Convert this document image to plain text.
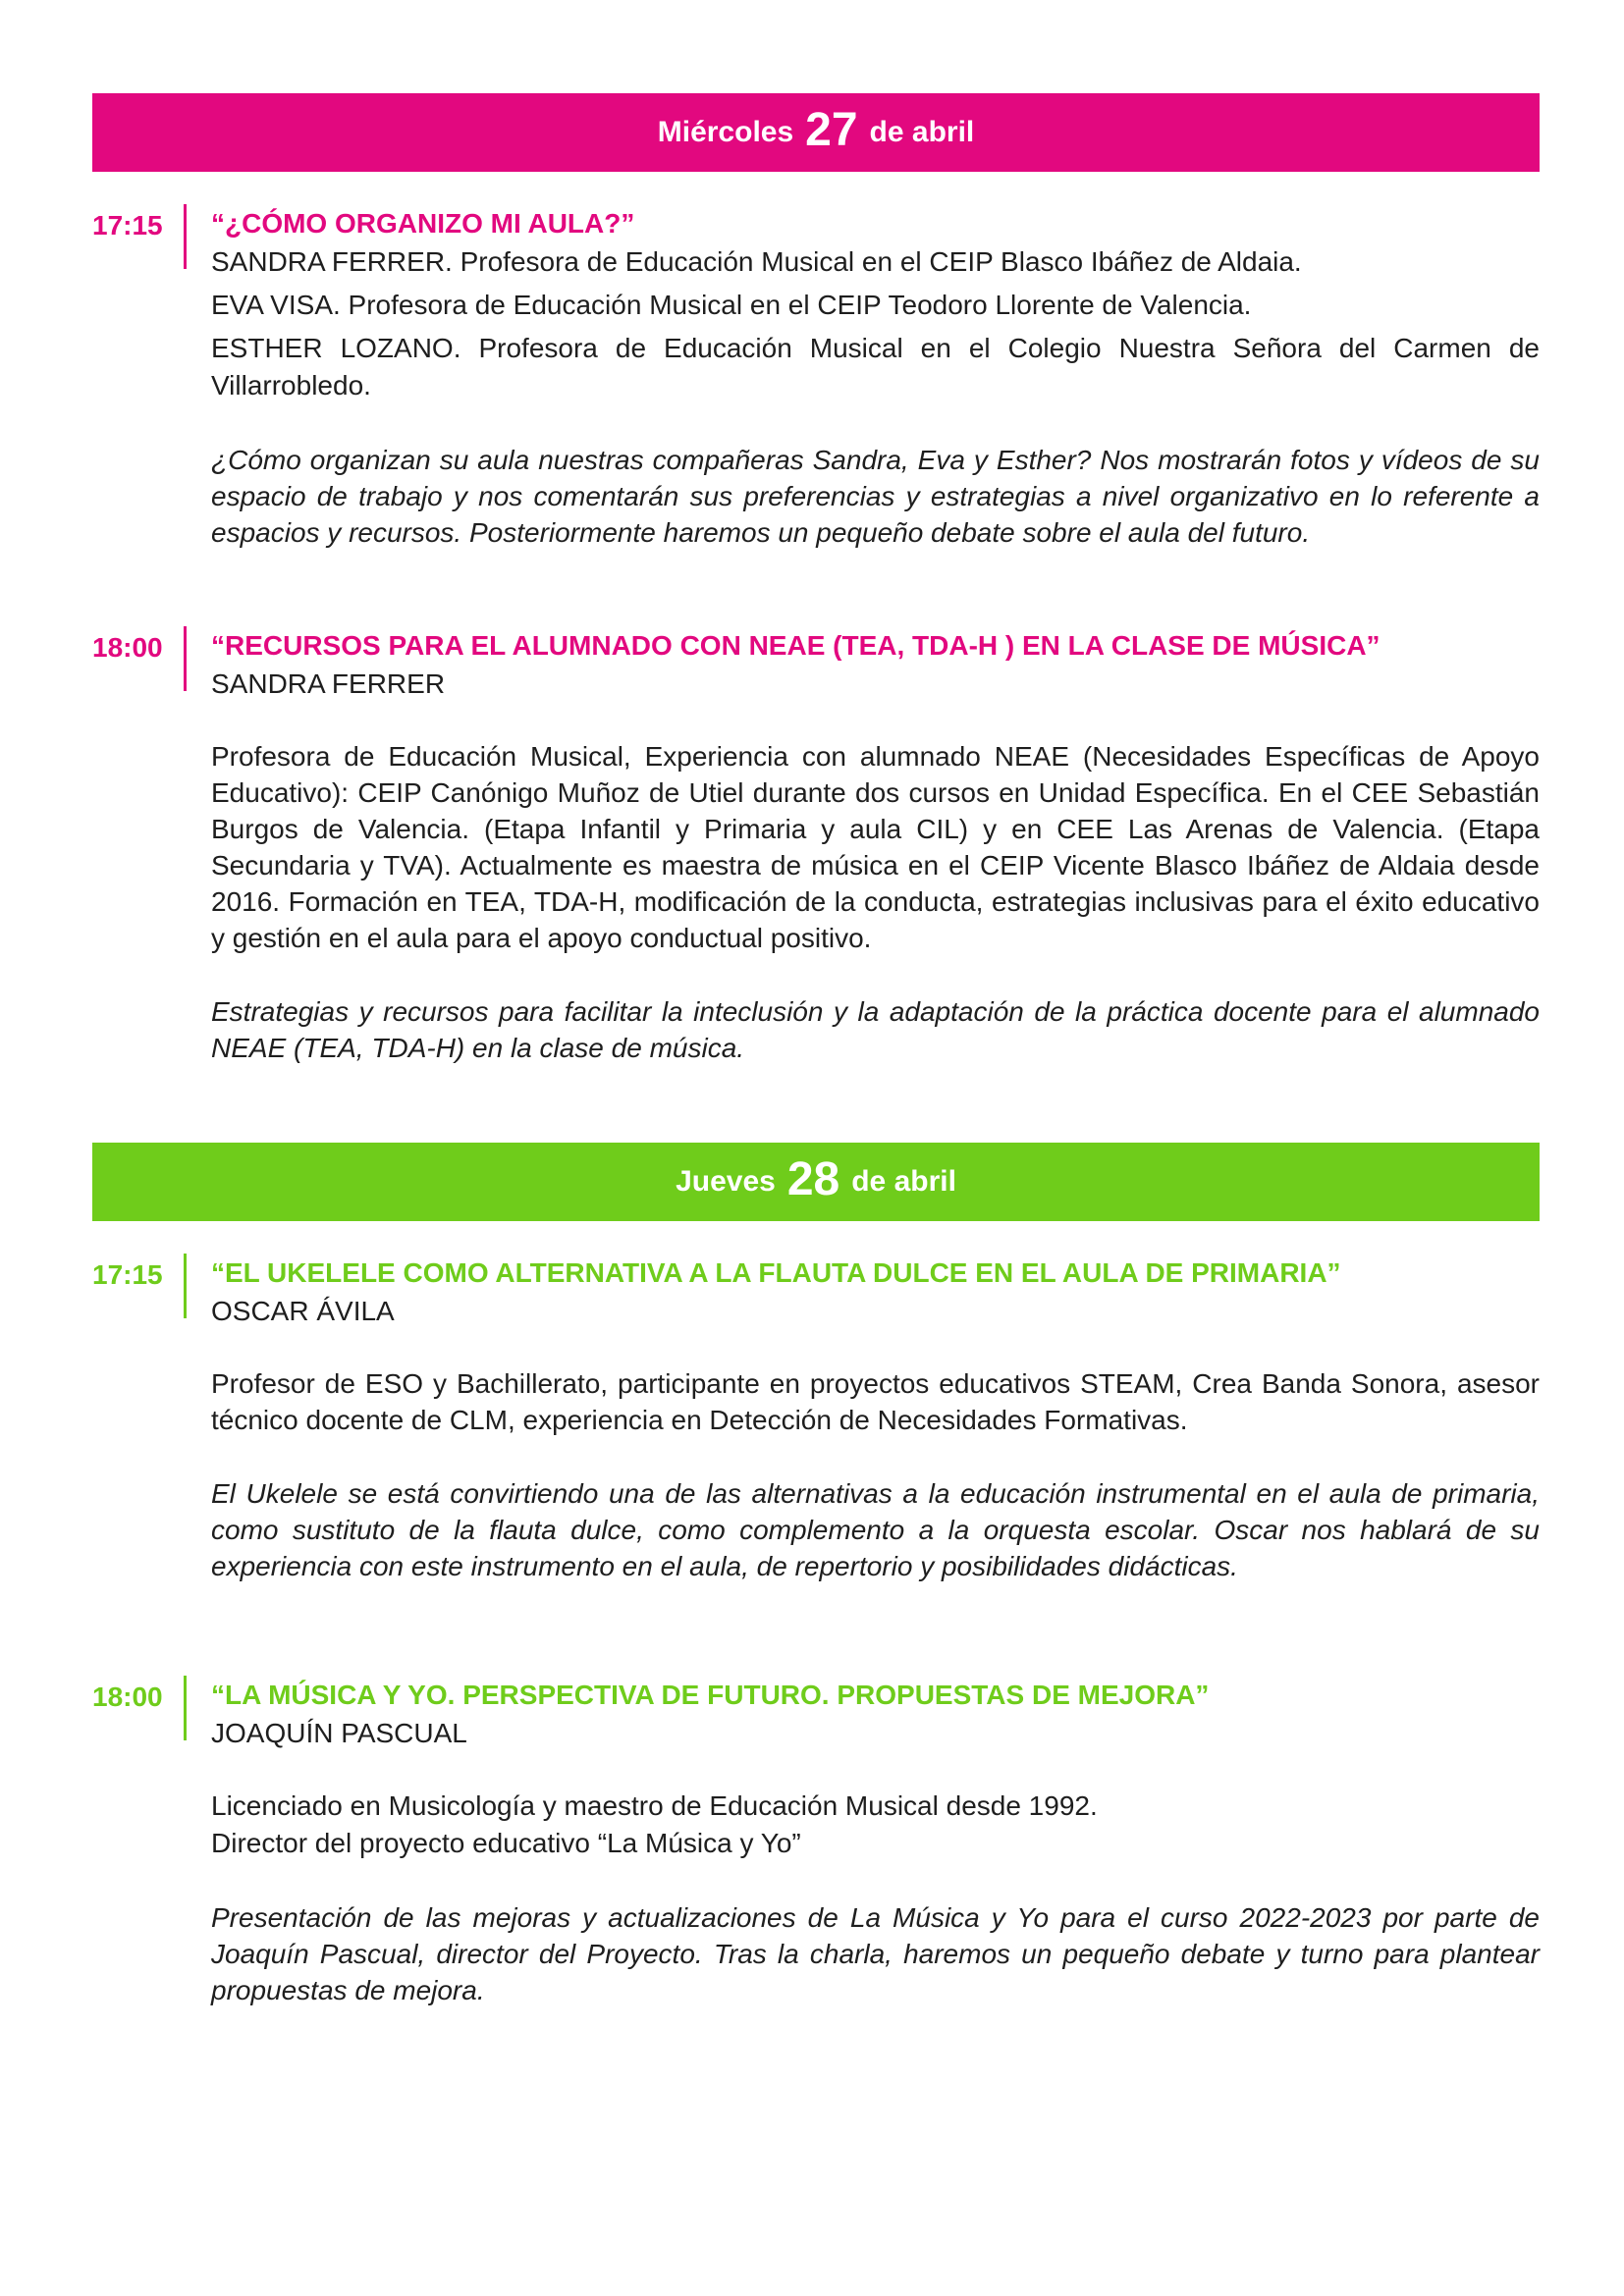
Miércoles 27 de abril
17:15 “¿CÓMO ORGANIZO MI AULA?”

SANDRA FERRER. Profesora de Educación Musical en el CEIP Blasco Ibáñez de Aldaia.

EVA VISA. Profesora de Educación Musical en el CEIP Teodoro Llorente de Valencia.

ESTHER LOZANO. Profesora de Educación Musical en el Colegio Nuestra Señora del Carmen de Villarrobledo.

¿Cómo organizan su aula nuestras compañeras Sandra, Eva y Esther? Nos mostrarán fotos y vídeos de su espacio de trabajo y nos comentarán sus preferencias y estrategias a nivel organizativo en lo referente a espacios y recursos. Posteriormente haremos un pequeño debate sobre el aula del futuro.

18:00 “RECURSOS PARA EL ALUMNADO CON NEAE (TEA, TDA-H ) EN LA CLASE DE MÚSICA”

SANDRA FERRER

Profesora de Educación Musical, Experiencia con alumnado NEAE (Necesidades Específicas de Apoyo Educativo): CEIP Canónigo Muñoz de Utiel durante dos cursos en Unidad Específica. En el CEE Sebastián Burgos de Valencia. (Etapa Infantil y Primaria y aula CIL) y en CEE Las Arenas de Valencia. (Etapa Secundaria y TVA). Actualmente es maestra de música en el CEIP Vicente Blasco Ibáñez de Aldaia desde 2016. Formación en TEA, TDA-H, modificación de la conducta, estrategias inclusivas para el éxito educativo y gestión en el aula para el apoyo conductual positivo.

Estrategias y recursos para facilitar la inteclusión y la adaptación de la práctica docente para el alumnado NEAE (TEA, TDA-H) en la clase de música.

Jueves 28 de abril
17:15 “EL UKELELE COMO ALTERNATIVA A LA FLAUTA DULCE EN EL AULA DE PRIMARIA”

OSCAR ÁVILA

Profesor de ESO y Bachillerato, participante en proyectos educativos STEAM, Crea Banda Sonora, asesor técnico docente de CLM, experiencia en Detección de Necesidades Formativas.

El Ukelele se está convirtiendo una de las alternativas a la educación instrumental en el aula de primaria, como sustituto de la flauta dulce, como complemento a la orquesta escolar. Oscar nos hablará de su experiencia con este instrumento en el aula, de repertorio y posibilidades didácticas.

18:00 “LA MÚSICA Y YO. PERSPECTIVA DE FUTURO. PROPUESTAS DE MEJORA”

JOAQUÍN PASCUAL

Licenciado en Musicología y maestro de Educación Musical desde 1992.

Director del proyecto educativo “La Música y Yo”

Presentación de las mejoras y actualizaciones de La Música y Yo para el curso 2022-2023 por parte de Joaquín Pascual, director del Proyecto. Tras la charla, haremos un pequeño debate y turno para plantear propuestas de mejora.
